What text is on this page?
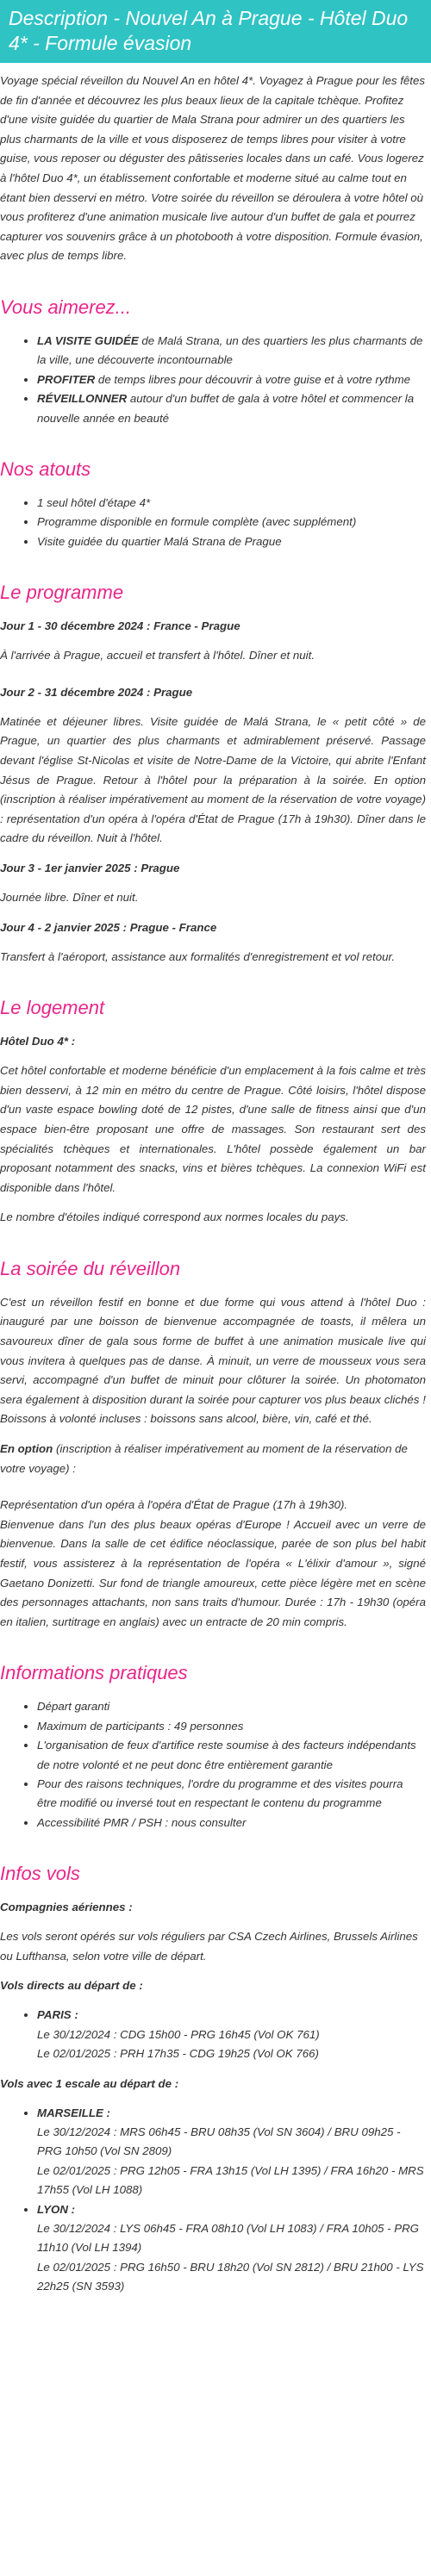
Description - Nouvel An à Prague - Hôtel Duo 4* - Formule évasion

Voyage spécial réveillon du Nouvel An en hôtel 4*. Voyagez à Prague pour les fêtes de fin d'année et découvrez les plus beaux lieux de la capitale tchèque. Profitez d'une visite guidée du quartier de Mala Strana pour admirer un des quartiers les plus charmants de la ville et vous disposerez de temps libres pour visiter à votre guise, vous reposer ou déguster des pâtisseries locales dans un café. Vous logerez à l'hôtel Duo 4*, un établissement confortable et moderne situé au calme tout en étant bien desservi en métro. Votre soirée du réveillon se déroulera à votre hôtel où vous profiterez d'une animation musicale live autour d'un buffet de gala et pourrez capturer vos souvenirs grâce à un photobooth à votre disposition. Formule évasion, avec plus de temps libre.

Vous aimerez...
• LA VISITE GUIDÉE de Malá Strana, un des quartiers les plus charmants de la ville, une découverte incontournable
• PROFITER de temps libres pour découvrir à votre guise et à votre rythme
• RÉVEILLONNER autour d'un buffet de gala à votre hôtel et commencer la nouvelle année en beauté
Nos atouts
• 1 seul hôtel d'étape 4*
• Programme disponible en formule complète (avec supplément)
• Visite guidée du quartier Malá Strana de Prague
Le programme
Jour 1 - 30 décembre 2024 : France - Prague

À l'arrivée à Prague, accueil et transfert à l'hôtel. Dîner et nuit.

Jour 2 - 31 décembre 2024 : Prague

Matinée et déjeuner libres. Visite guidée de Malá Strana, le « petit côté » de Prague, un quartier des plus charmants et admirablement préservé. Passage devant l'église St-Nicolas et visite de Notre-Dame de la Victoire, qui abrite l'Enfant Jésus de Prague. Retour à l'hôtel pour la préparation à la soirée. En option (inscription à réaliser impérativement au moment de la réservation de votre voyage) : représentation d'un opéra à l'opéra d'État de Prague (17h à 19h30). Dîner dans le cadre du réveillon. Nuit à l'hôtel.

Jour 3 - 1er janvier 2025 : Prague

Journée libre. Dîner et nuit.

Jour 4 - 2 janvier 2025 : Prague - France

Transfert à l'aéroport, assistance aux formalités d'enregistrement et vol retour.

Le logement
Hôtel Duo 4* :

Cet hôtel confortable et moderne bénéficie d'un emplacement à la fois calme et très bien desservi, à 12 min en métro du centre de Prague. Côté loisirs, l'hôtel dispose d'un vaste espace bowling doté de 12 pistes, d'une salle de fitness ainsi que d'un espace bien-être proposant une offre de massages. Son restaurant sert des spécialités tchèques et internationales. L'hôtel possède également un bar proposant notamment des snacks, vins et bières tchèques. La connexion WiFi est disponible dans l'hôtel.

Le nombre d'étoiles indiqué correspond aux normes locales du pays.

La soirée du réveillon

C'est un réveillon festif en bonne et due forme qui vous attend à l'hôtel Duo : inauguré par une boisson de bienvenue accompagnée de toasts, il mêlera un savoureux dîner de gala sous forme de buffet à une animation musicale live qui vous invitera à quelques pas de danse. À minuit, un verre de mousseux vous sera servi, accompagné d'un buffet de minuit pour clôturer la soirée. Un photomaton sera également à disposition durant la soirée pour capturer vos plus beaux clichés ! Boissons à volonté incluses : boissons sans alcool, bière, vin, café et thé.

En option (inscription à réaliser impérativement au moment de la réservation de votre voyage) :

Représentation d'un opéra à l'opéra d'État de Prague (17h à 19h30).

Bienvenue dans l'un des plus beaux opéras d'Europe ! Accueil avec un verre de bienvenue. Dans la salle de cet édifice néoclassique, parée de son plus bel habit festif, vous assisterez à la représentation de l'opéra « L'élixir d'amour », signé Gaetano Donizetti. Sur fond de triangle amoureux, cette pièce légère met en scène des personnages attachants, non sans traits d'humour. Durée : 17h - 19h30 (opéra en italien, surtitrage en anglais) avec un entracte de 20 min compris.

Informations pratiques
• Départ garanti
• Maximum de participants : 49 personnes
• L'organisation de feux d'artifice reste soumise à des facteurs indépendants de notre volonté et ne peut donc être entièrement garantie
• Pour des raisons techniques, l'ordre du programme et des visites pourra être modifié ou inversé tout en respectant le contenu du programme
• Accessibilité PMR / PSH : nous consulter
Infos vols
Compagnies aériennes :

Les vols seront opérés sur vols réguliers par CSA Czech Airlines, Brussels Airlines ou Lufthansa, selon votre ville de départ.

Vols directs au départ de :
• PARIS :
Le 30/12/2024 : CDG 15h00 - PRG 16h45 (Vol OK 761)
Le 02/01/2025 : PRH 17h35 - CDG 19h25 (Vol OK 766)
Vols avec 1 escale au départ de :
• MARSEILLE :
Le 30/12/2024 : MRS 06h45 - BRU 08h35 (Vol SN 3604) / BRU 09h25 - PRG 10h50 (Vol SN 2809)
Le 02/01/2025 : PRG 12h05 - FRA 13h15 (Vol LH 1395) / FRA 16h20 - MRS 17h55 (Vol LH 1088)
• LYON :
Le 30/12/2024 : LYS 06h45 - FRA 08h10 (Vol LH 1083) / FRA 10h05 - PRG 11h10 (Vol LH 1394)
Le 02/01/2025 : PRG 16h50 - BRU 18h20 (Vol SN 2812) / BRU 21h00 - LYS 22h25 (SN 3593)
